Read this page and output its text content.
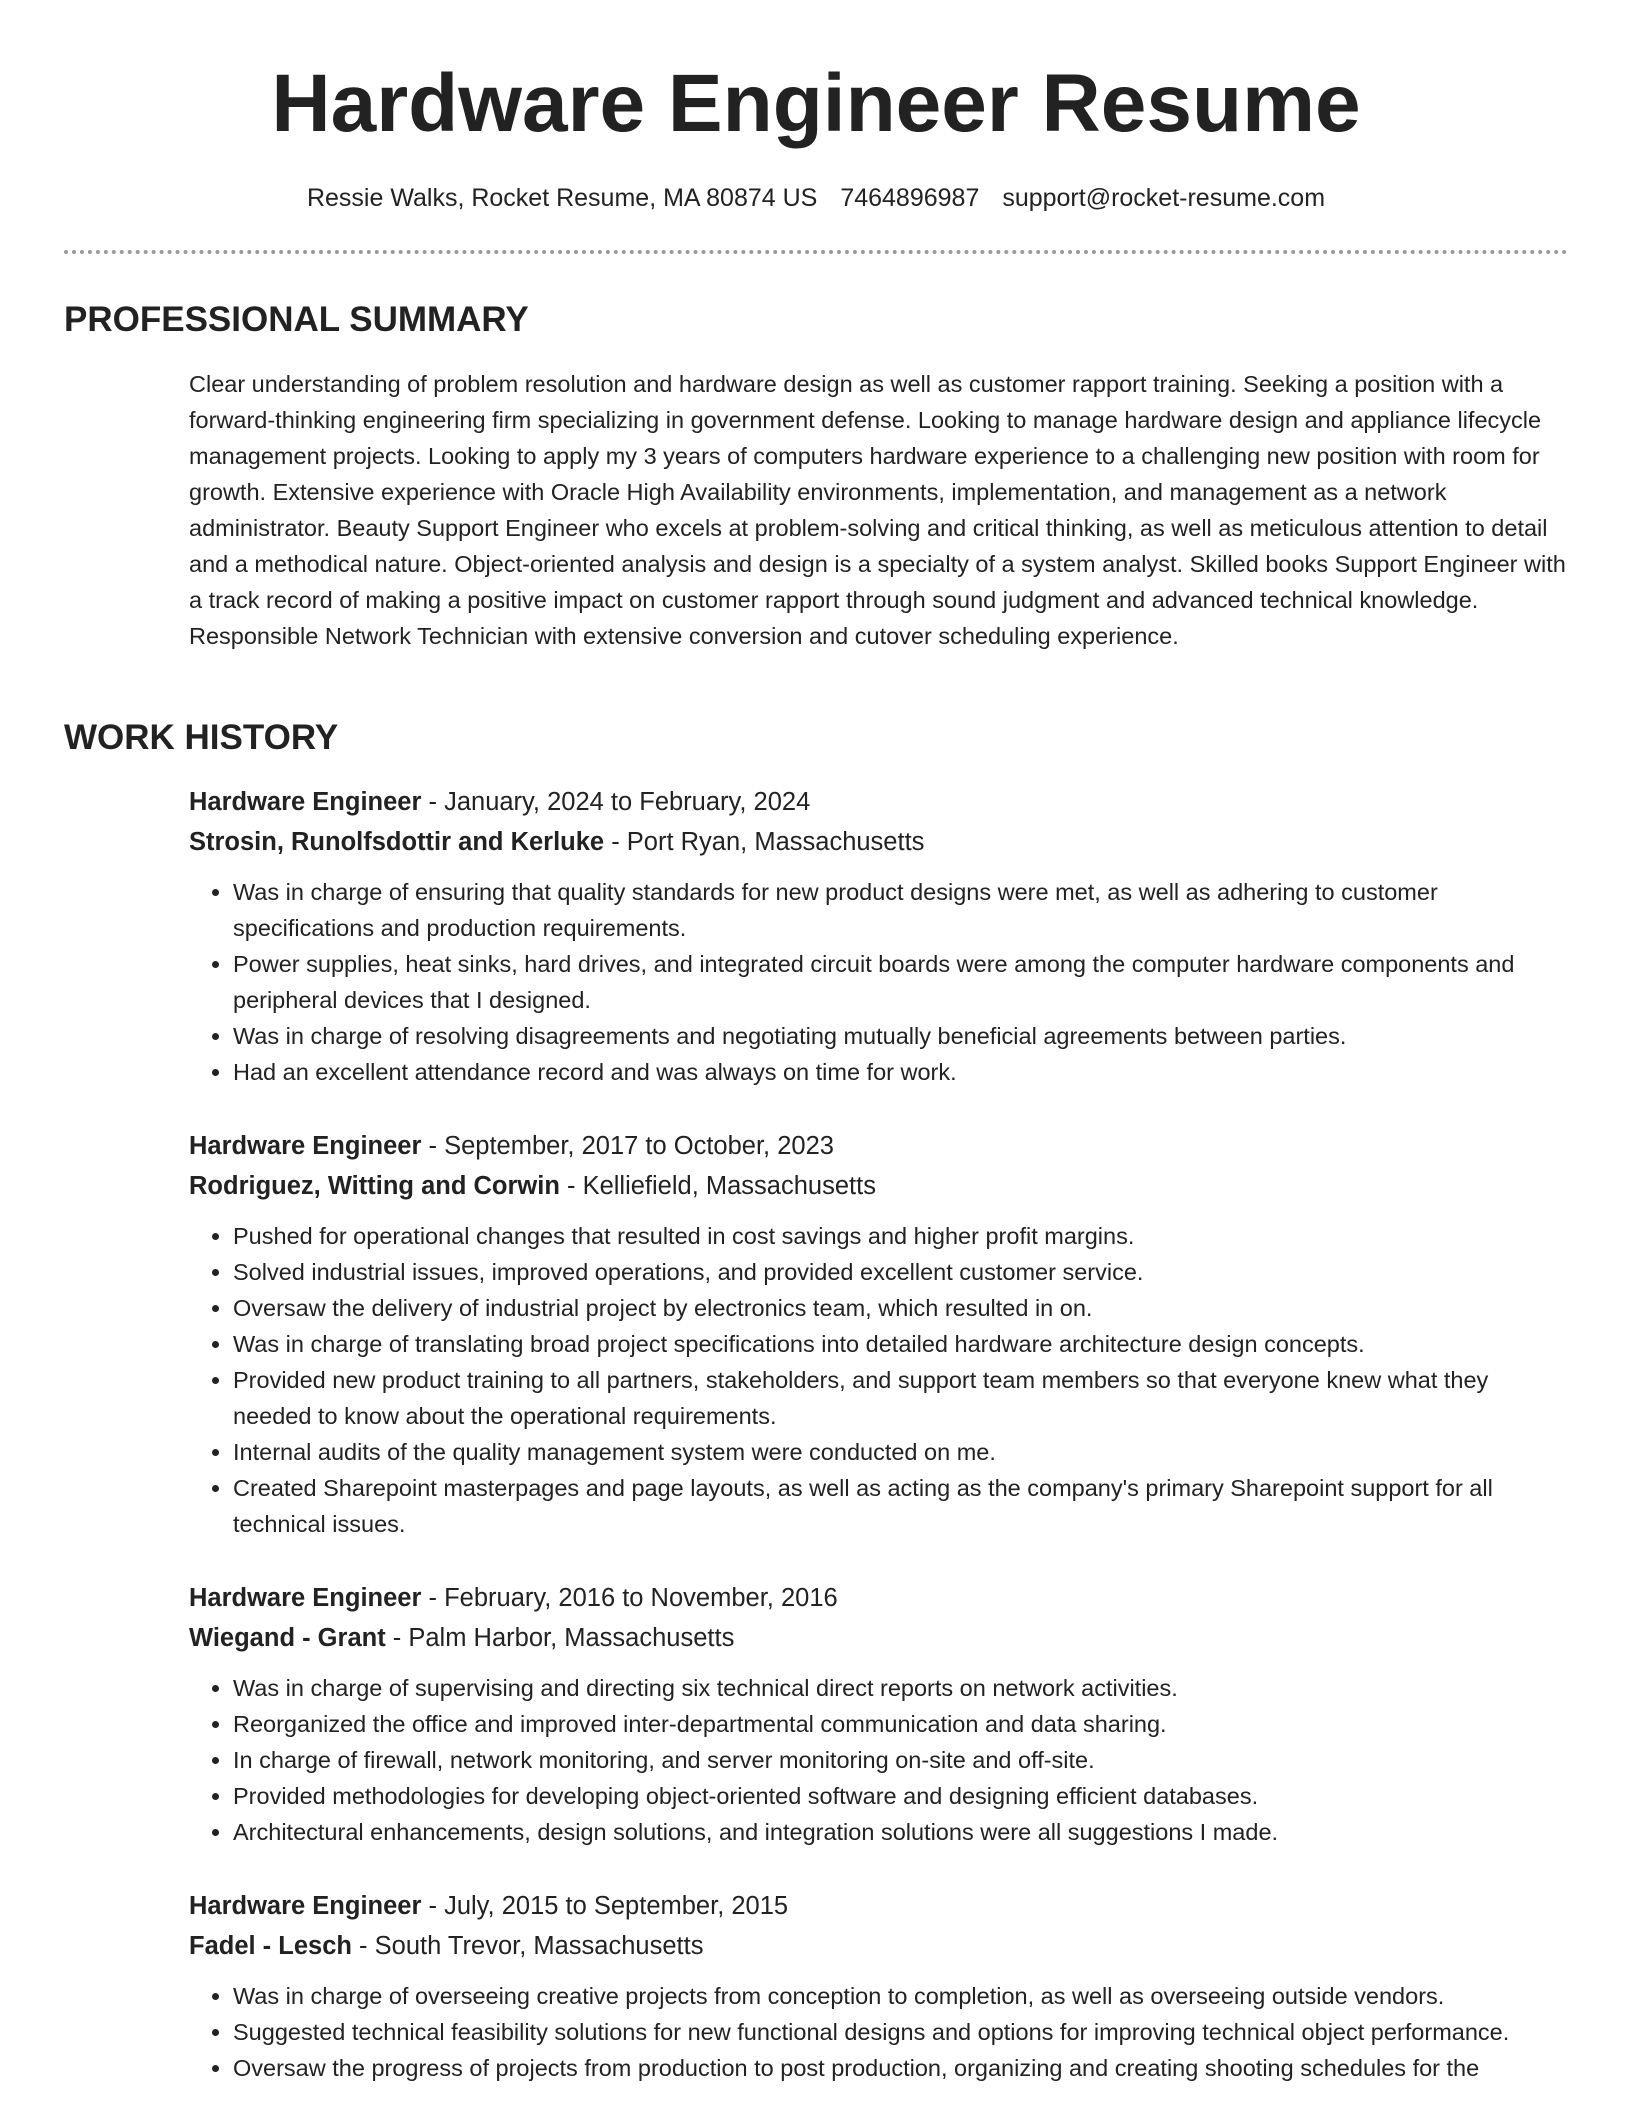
Hardware Engineer Resume
Ressie Walks, Rocket Resume, MA 80874 US 7464896987 support@rocket-resume.com
PROFESSIONAL SUMMARY

Clear understanding of problem resolution and hardware design as well as customer rapport training. Seeking a position with a forward-thinking engineering firm specializing in government defense. Looking to manage hardware design and appliance lifecycle management projects. Looking to apply my 3 years of computers hardware experience to a challenging new position with room for growth. Extensive experience with Oracle High Availability environments, implementation, and management as a network administrator. Beauty Support Engineer who excels at problem-solving and critical thinking, as well as meticulous attention to detail and a methodical nature. Object-oriented analysis and design is a specialty of a system analyst. Skilled books Support Engineer with a track record of making a positive impact on customer rapport through sound judgment and advanced technical knowledge. Responsible Network Technician with extensive conversion and cutover scheduling experience.

WORK HISTORY
Hardware Engineer - January, 2024 to February, 2024
Strosin, Runolfsdottir and Kerluke - Port Ryan, Massachusetts
• Was in charge of ensuring that quality standards for new product designs were met, as well as adhering to customer specifications and production requirements.
• Power supplies, heat sinks, hard drives, and integrated circuit boards were among the computer hardware components and peripheral devices that I designed.
• Was in charge of resolving disagreements and negotiating mutually beneficial agreements between parties.
• Had an excellent attendance record and was always on time for work.
Hardware Engineer - September, 2017 to October, 2023
Rodriguez, Witting and Corwin - Kelliefield, Massachusetts
• Pushed for operational changes that resulted in cost savings and higher profit margins.
• Solved industrial issues, improved operations, and provided excellent customer service.
• Oversaw the delivery of industrial project by electronics team, which resulted in on.
• Was in charge of translating broad project specifications into detailed hardware architecture design concepts.
• Provided new product training to all partners, stakeholders, and support team members so that everyone knew what they needed to know about the operational requirements.
• Internal audits of the quality management system were conducted on me.
• Created Sharepoint masterpages and page layouts, as well as acting as the company's primary Sharepoint support for all technical issues.
Hardware Engineer - February, 2016 to November, 2016
Wiegand - Grant - Palm Harbor, Massachusetts
• Was in charge of supervising and directing six technical direct reports on network activities.
• Reorganized the office and improved inter-departmental communication and data sharing.
• In charge of firewall, network monitoring, and server monitoring on-site and off-site.
• Provided methodologies for developing object-oriented software and designing efficient databases.
• Architectural enhancements, design solutions, and integration solutions were all suggestions I made.
Hardware Engineer - July, 2015 to September, 2015
Fadel - Lesch - South Trevor, Massachusetts
• Was in charge of overseeing creative projects from conception to completion, as well as overseeing outside vendors.
• Suggested technical feasibility solutions for new functional designs and options for improving technical object performance.
• Oversaw the progress of projects from production to post production, organizing and creating shooting schedules for the
